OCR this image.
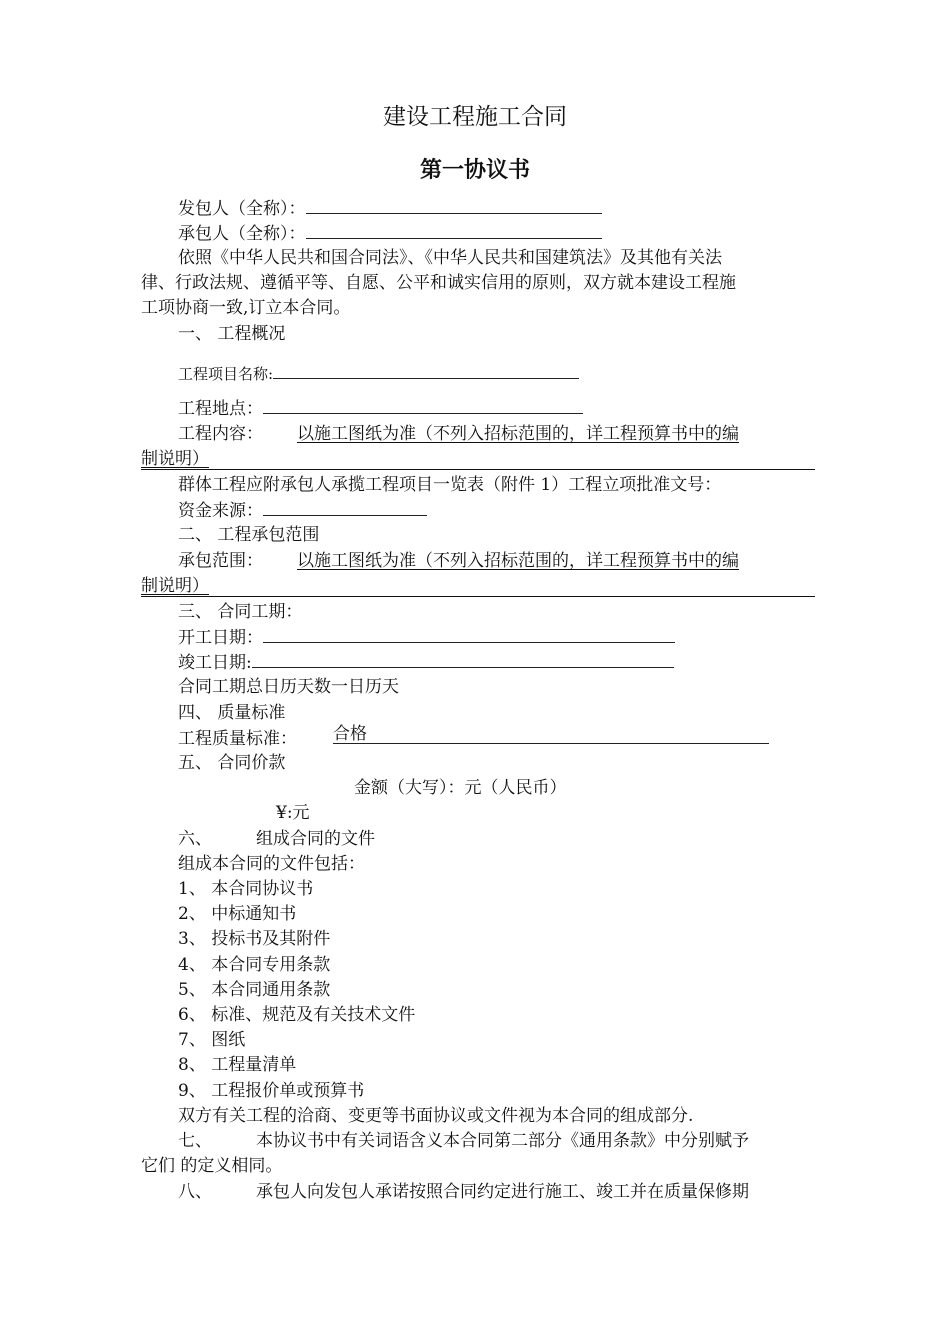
建设工程施工合同
第一协议书
发包人（全称）：
承包人（全称）：
依照《中华人民共和国合同法》、《中华人民共和国建筑法》及其他有关法
律、行政法规、遵循平等、自愿、公平和诚实信用的原则，双方就本建设工程施
工项协商一致,订立本合同。
一、 工程概况
工程项目名称:
工程地点：
工程内容： 以施工图纸为准（不列入招标范围的，详工程预算书中的编
制说明）
群体工程应附承包人承揽工程项目一览表（附件 1）工程立项批准文号：
资金来源：
二、 工程承包范围
承包范围： 以施工图纸为准（不列入招标范围的，详工程预算书中的编
制说明）
三、 合同工期：
开工日期：
竣工日期:
合同工期总日历天数一日历天
四、 质量标准
工程质量标准： 合格
五、 合同价款
金额（大写）：元（人民币）
¥:元
六、	组成合同的文件
组成本合同的文件包括：
1、 本合同协议书
2、 中标通知书
3、 投标书及其附件
4、 本合同专用条款
5、 本合同通用条款
6、 标准、规范及有关技术文件
7、 图纸
8、 工程量清单
9、 工程报价单或预算书
双方有关工程的洽商、变更等书面协议或文件视为本合同的组成部分.
七、	本协议书中有关词语含义本合同第二部分《通用条款》中分别赋予
它们 的定义相同。
八、	承包人向发包人承诺按照合同约定进行施工、竣工并在质量保修期
